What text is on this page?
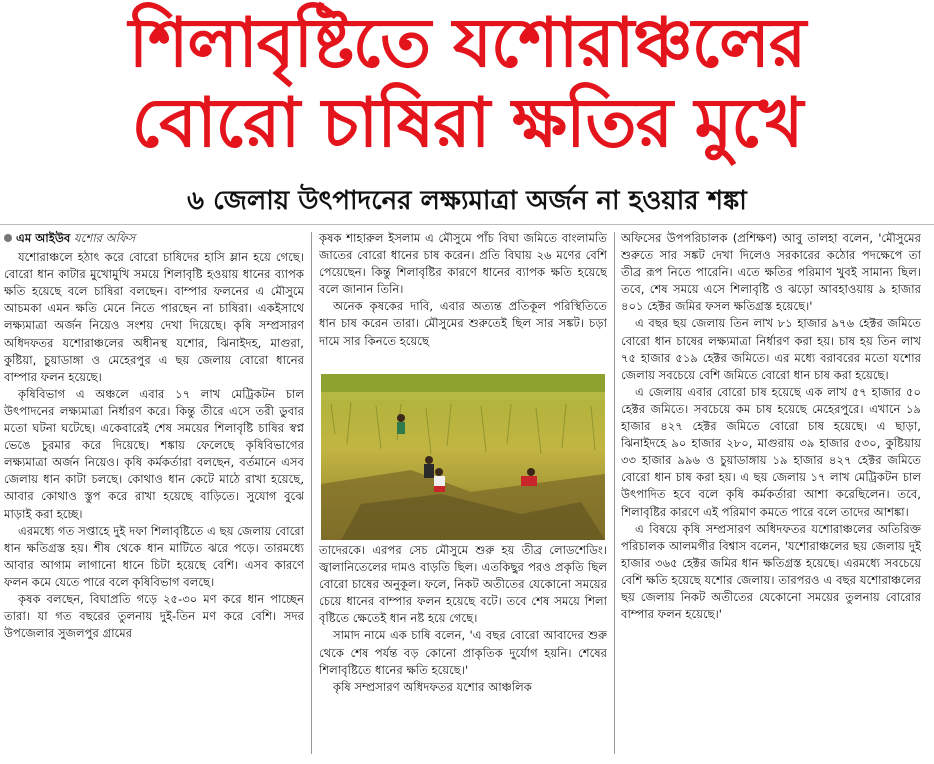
শিলাবৃষ্টিতে যশোরাঞ্চলের
বোরো চাষিরা ক্ষতির মুখে
৬ জেলায় উৎপাদনের লক্ষ্যমাত্রা অর্জন না হওয়ার শঙ্কা
এম আইউব যশোর অফিস

যশোরাঞ্চলে হঠাৎ করে বোরো চাষিদের হাসি ম্লান হয়ে গেছে। বোরো ধান কাটার মুখোমুখি সময়ে শিলাবৃষ্টি হওয়ায় ধানের ব্যাপক ক্ষতি হয়েছে বলে চাষিরা বলছেন। বাম্পার ফলনের এ মৌসুমে আচমকা এমন ক্ষতি মেনে নিতে পারছেন না চাষিরা। একইসাথে লক্ষ্যমাত্রা অর্জন নিয়েও সংশয় দেখা দিয়েছে। কৃষি সম্প্রসারণ অধিদফতর যশোরাঞ্চলের অধীনস্থ যশোর, ঝিনাইদহ, মাগুরা, কুষ্টিয়া, চুয়াডাঙ্গা ও মেহেরপুর এ ছয় জেলায় বোরো ধানের বাম্পার ফলন হয়েছে।

কৃষিবিভাগ এ অঞ্চলে এবার ১৭ লাখ মেট্রিকটন চাল উৎপাদনের লক্ষ্যমাত্রা নির্ধারণ করে। কিন্তু তীরে এসে তরী ডুবার মতো ঘটনা ঘটেছে। একেবারেই শেষ সময়ের শিলাবৃষ্টি চাষির স্বপ্ন ভেঙে চুরমার করে দিয়েছে। শঙ্কায় ফেলেছে কৃষিবিভাগের লক্ষ্যমাত্রা অর্জন নিয়েও। কৃষি কর্মকর্তারা বলছেন, বর্তমানে এসব জেলায় ধান কাটা চলছে। কোথাও ধান কেটে মাঠে রাখা হয়েছে, আবার কোথাও স্তুপ করে রাখা হয়েছে বাড়িতে। সুযোগ বুঝে মাড়াই করা হচ্ছে।

এরমধ্যে গত সপ্তাহে দুই দফা শিলাবৃষ্টিতে এ ছয় জেলায় বোরো ধান ক্ষতিগ্রস্ত হয়। শীষ থেকে ধান মাটিতে ঝরে পড়ে। তারমধ্যে আবার আগাম লাগানো ধানে চিটা হয়েছে বেশি। এসব কারণে ফলন কমে যেতে পারে বলে কৃষিবিভাগ বলছে।

কৃষক বলছেন, বিঘাপ্রতি গড়ে ২৫-৩০ মণ করে ধান পাচ্ছেন তারা। যা গত বছরের তুলনায় দুই-তিন মণ করে বেশি। সদর উপজেলার সুজলপুর গ্রামের

কৃষক শাহারুল ইসলাম এ মৌসুমে পাঁচ বিঘা জমিতে বাংলামতি জাতের বোরো ধানের চাষ করেন। প্রতি বিঘায় ২৬ মণের বেশি পেয়েছেন। কিন্তু শিলাবৃষ্টির কারণে ধানের ব্যাপক ক্ষতি হয়েছে বলে জানান তিনি।

অনেক কৃষকের দাবি, এবার অত্যন্ত প্রতিকূল পরিস্থিতিতে ধান চাষ করেন তারা। মৌসুমের শুরুতেই ছিল সার সঙ্কট। চড়া দামে সার কিনতে হয়েছে

তাদেরকে। এরপর সেচ মৌসুমে শুরু হয় তীব্র লোডশেডিং। জ্বালানিতেলের দামও বাড়তি ছিল। এতকিছুর পরও প্রকৃতি ছিল বোরো চাষের অনুকূল। ফলে, নিকট অতীতের যেকোনো সময়ের চেয়ে ধানের বাম্পার ফলন হয়েছে বটে। তবে শেষ সময়ে শিলা বৃষ্টিতে ক্ষেতেই ধান নষ্ট হয়ে গেছে।

সামাদ নামে এক চাষি বলেন, 'এ বছর বোরো আবাদের শুরু থেকে শেষ পর্যন্ত বড় কোনো প্রাকৃতিক দুর্যোগ হয়নি। শেষের শিলাবৃষ্টিতে ধানের ক্ষতি হয়েছে।'

কৃষি সম্প্রসারণ অধিদফতর যশোর আঞ্চলিক

অফিসের উপপরিচালক (প্রশিক্ষণ) আবু তালহা বলেন, 'মৌসুমের শুরুতে সার সঙ্কট দেখা দিলেও সরকারের কঠোর পদক্ষেপে তা তীব্র রূপ নিতে পারেনি। এতে ক্ষতির পরিমাণ খুবই সামান্য ছিল। তবে, শেষ সময়ে এসে শিলাবৃষ্টি ও ঝড়ো আবহাওয়ায় ৯ হাজার ৪০১ হেক্টর জমির ফসল ক্ষতিগ্রস্ত হয়েছে।'

এ বছর ছয় জেলায় তিন লাখ ৮১ হাজার ৯৭৬ হেক্টর জমিতে বোরো ধান চাষের লক্ষ্যমাত্রা নির্ধারণ করা হয়। চাষ হয় তিন লাখ ৭৫ হাজার ৫১৯ হেক্টর জমিতে। এর মধ্যে বরাবরের মতো যশোর জেলায় সবচেয়ে বেশি জমিতে বোরো ধান চাষ করা হয়েছে।

এ জেলায় এবার বোরো চাষ হয়েছে এক লাখ ৫৭ হাজার ৫০ হেক্টর জমিতে। সবচেয়ে কম চাষ হয়েছে মেহেরপুরে। এখানে ১৯ হাজার ৪২৭ হেক্টর জমিতে বোরো চাষ হয়েছে। এ ছাড়া, ঝিনাইদহে ৯০ হাজার ২৮০, মাগুরায় ৩৯ হাজার ৫৩০, কুষ্টিয়ায় ৩৩ হাজার ৯৯৬ ও চুয়াডাঙ্গায় ১৯ হাজার ৪২৭ হেক্টর জমিতে বোরো ধান চাষ করা হয়। এ ছয় জেলায় ১৭ লাখ মেট্রিকটন চাল উৎপাদিত হবে বলে কৃষি কর্মকর্তারা আশা করেছিলেন। তবে, শিলাবৃষ্টির কারণে এই পরিমাণ কমতে পারে বলে তাদের আশঙ্কা।

এ বিষয়ে কৃষি সম্প্রসারণ অধিদফতর যশোরাঞ্চলের অতিরিক্ত পরিচালক আলমগীর বিশ্বাস বলেন, 'যশোরাঞ্চলের ছয় জেলায় দুই হাজার ৩৬৫ হেক্টর জমির ধান ক্ষতিগ্রস্ত হয়েছে। এরমধ্যে সবচেয়ে বেশি ক্ষতি হয়েছে যশোর জেলায়। তারপরও এ বছর যশোরাঞ্চলের ছয় জেলায় নিকট অতীতের যেকোনো সময়ের তুলনায় বোরোর বাম্পার ফলন হয়েছে।'
